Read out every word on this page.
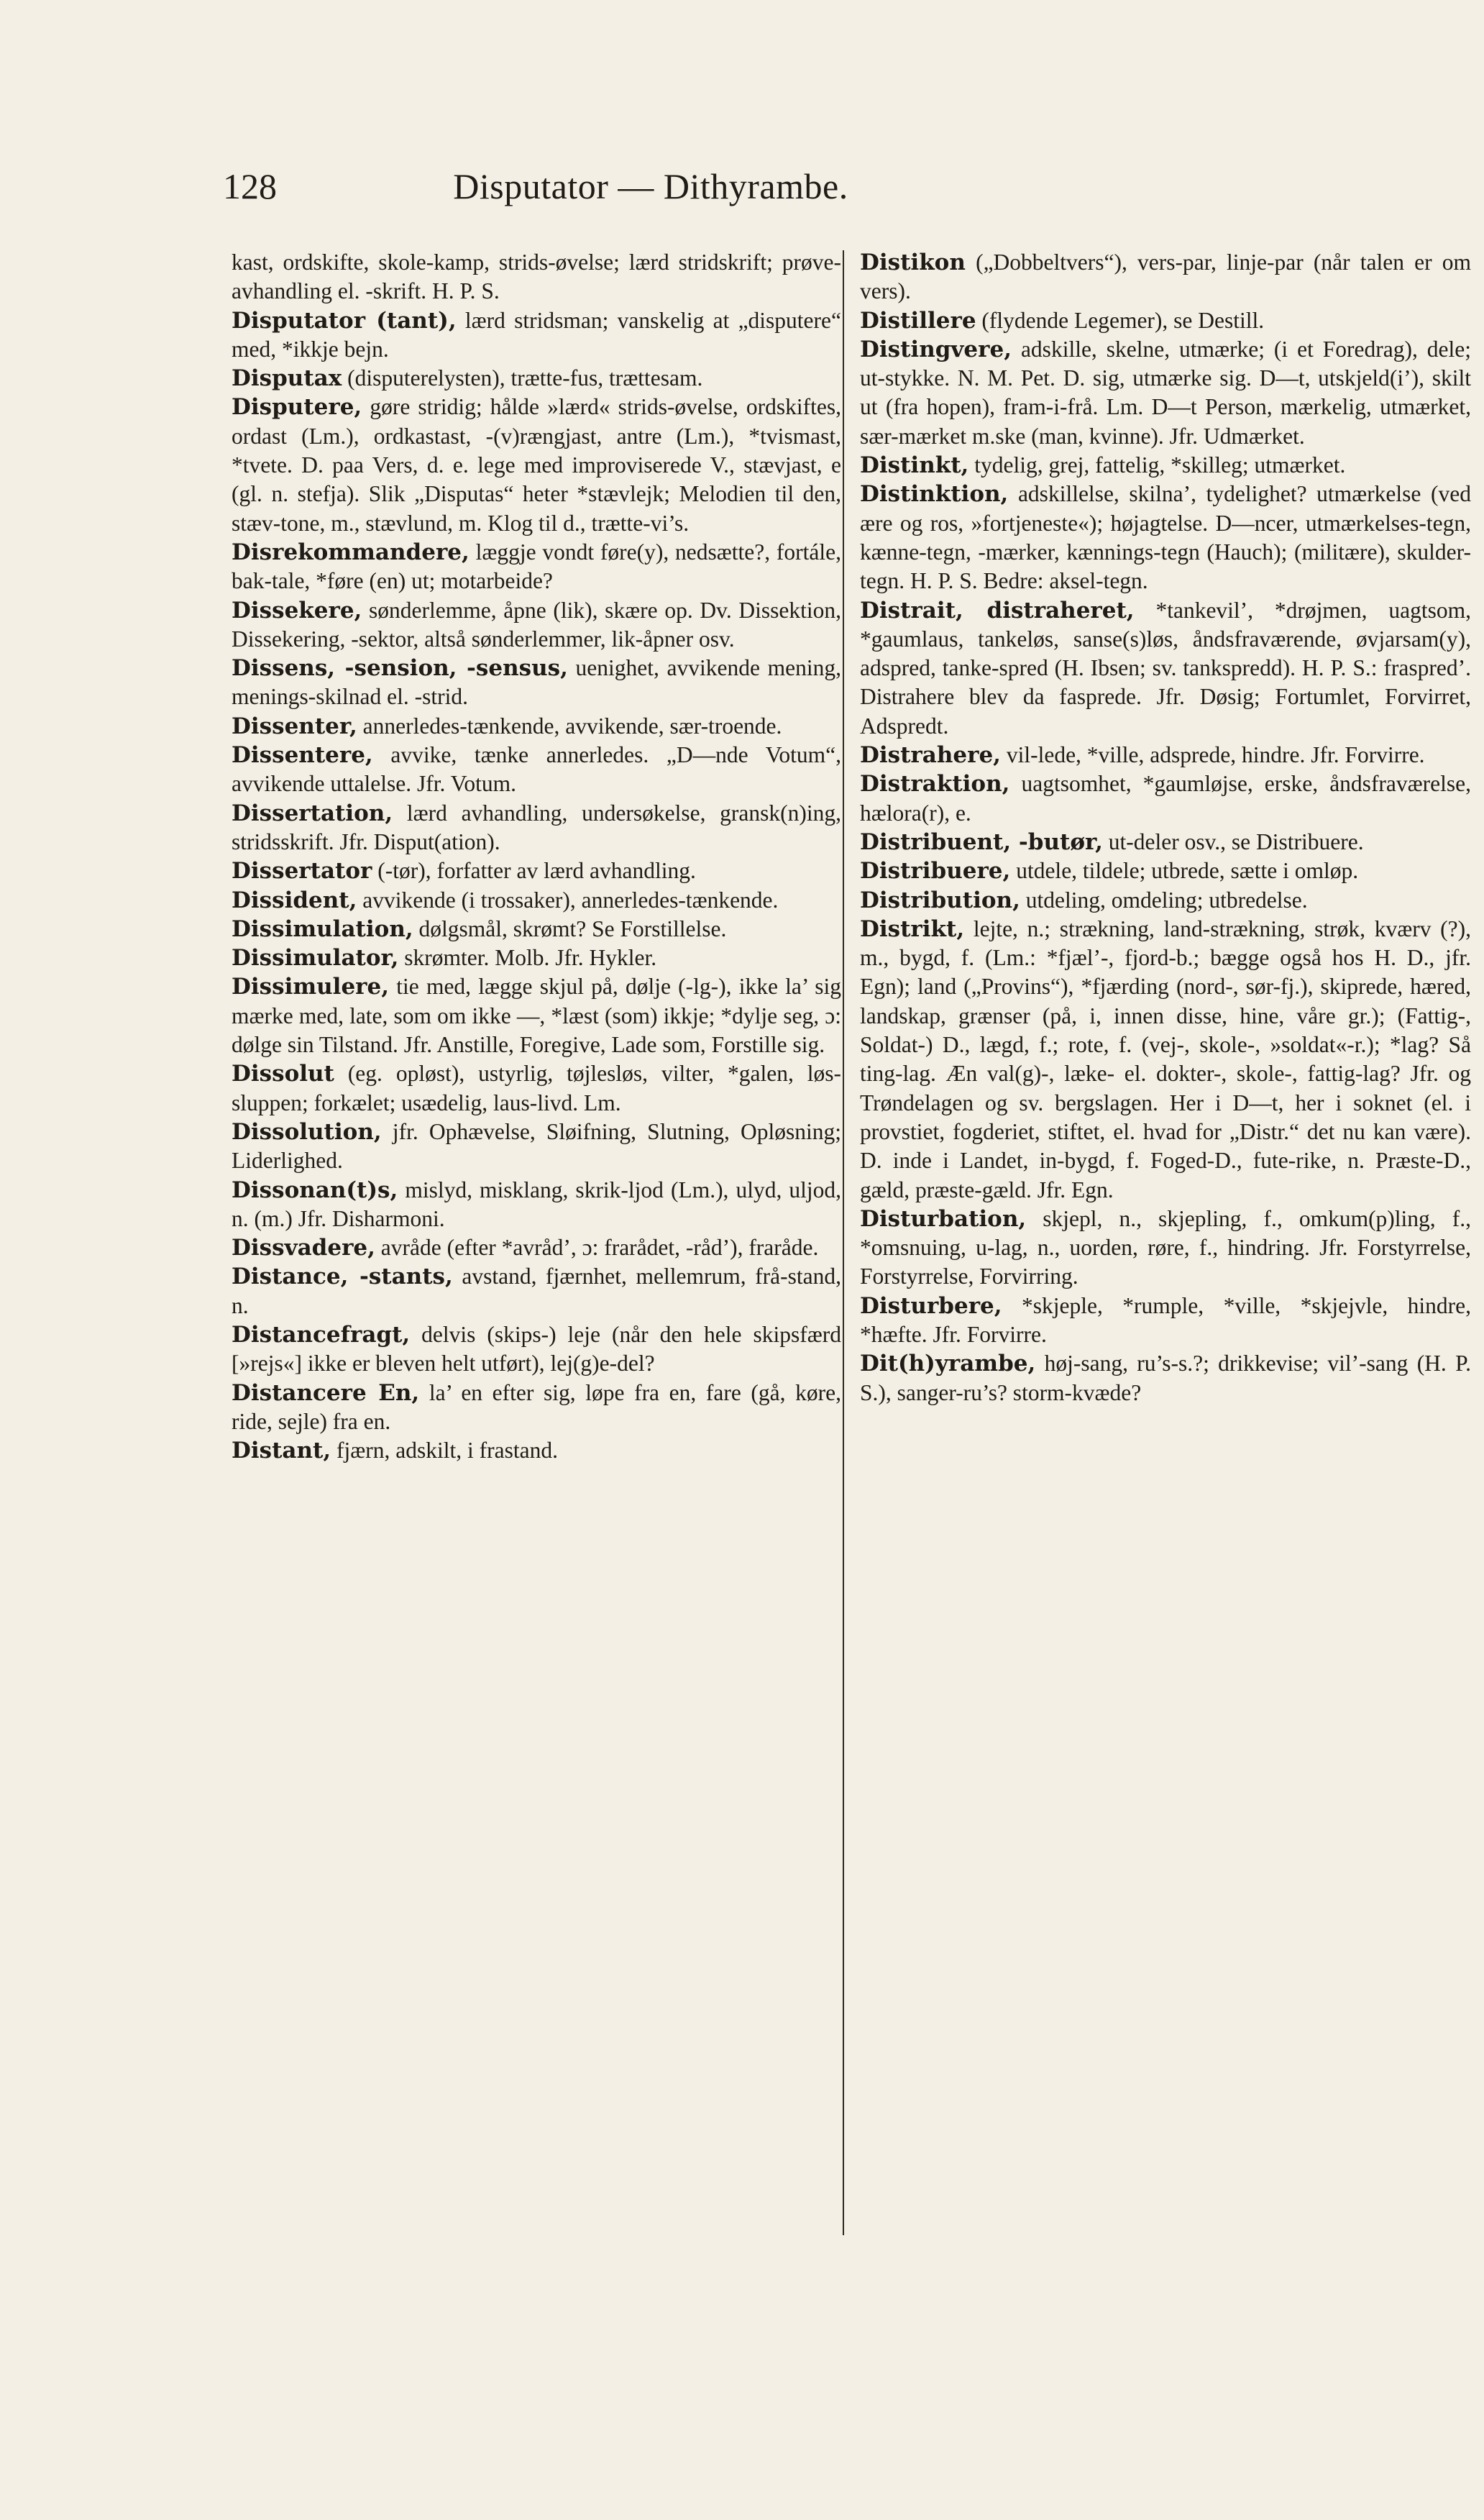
128	Disputator — Dithyrambe.

kast, ordskifte, skole-kamp, strids-øvelse; lærd stridskrift; prøve-avhandling el. -skrift. H. P. S.

Disputator (tant), lærd stridsman; vanskelig at „disputere“ med, *ikkje bejn.

Disputax (disputerelysten), trætte-fus, trættesam.

Disputere, gøre stridig; hålde »lærd« strids-øvelse, ordskiftes, ordast (Lm.), ordkastast, -(v)rængjast, antre (Lm.), *tvismast, *tvete. D. paa Vers, d. e. lege med improviserede V., stævjast, e (gl. n. stefja). Slik „Disputas“ heter *stævlejk; Melodien til den, stæv-tone, m., stævlund, m. Klog til d., trætte-vi’s.

Disrekommandere, læggje vondt føre(y), nedsætte?, fortále, bak-tale, *føre (en) ut; motarbeide?

Dissekere, sønderlemme, åpne (lik), skære op. Dv. Dissektion, Dissekering, -sektor, altså sønderlemmer, lik-åpner osv.

Dissens, -sension, -sensus, uenighet, avvikende mening, menings-skilnad el. -strid.

Dissenter, annerledes-tænkende, avvikende, sær-troende.

Dissentere, avvike, tænke annerledes. „D—nde Votum“, avvikende uttalelse. Jfr. Votum.

Dissertation, lærd avhandling, undersøkelse, gransk(n)ing, stridsskrift. Jfr. Disput(ation).

Dissertator (-tør), forfatter av lærd avhandling.

Dissident, avvikende (i trossaker), annerledes-tænkende.

Dissimulation, dølgsmål, skrømt? Se Forstillelse.

Dissimulator, skrømter. Molb. Jfr. Hykler.

Dissimulere, tie med, lægge skjul på, dølje (-lg-), ikke la’ sig mærke med, late, som om ikke —, *læst (som) ikkje; *dylje seg, ɔ: dølge sin Tilstand. Jfr. Anstille, Foregive, Lade som, Forstille sig.

Dissolut (eg. opløst), ustyrlig, tøjlesløs, vilter, *galen, løs-sluppen; forkælet; usædelig, laus-livd. Lm.

Dissolution, jfr. Ophævelse, Sløifning, Slutning, Opløsning; Liderlighed.

Dissonan(t)s, mislyd, misklang, skrik-ljod (Lm.), ulyd, uljod, n. (m.) Jfr. Disharmoni.

Dissvadere, avråde (efter *avråd’, ɔ: frarådet, -råd’), fraråde.

Distance, -stants, avstand, fjærnhet, mellemrum, frå-stand, n.

Distancefragt, delvis (skips-) leje (når den hele skipsfærd [»rejs«] ikke er bleven helt utført), lej(g)e-del?

Distancere En, la’ en efter sig, løpe fra en, fare (gå, køre, ride, sejle) fra en.

Distant, fjærn, adskilt, i frastand.

Distikon („Dobbeltvers“), vers-par, linje-par (når talen er om vers).

Distillere (flydende Legemer), se Destill.

Distingvere, adskille, skelne, utmærke; (i et Foredrag), dele; ut-stykke. N. M. Pet. D. sig, utmærke sig. D—t, utskjeld(i’), skilt ut (fra hopen), fram-i-frå. Lm. D—t Person, mærkelig, utmærket, sær-mærket m.ske (man, kvinne). Jfr. Udmærket.

Distinkt, tydelig, grej, fattelig, *skilleg; utmærket.

Distinktion, adskillelse, skilna’, tydelighet? utmærkelse (ved ære og ros, »fortjeneste«); højagtelse. D—ncer, utmærkelses-tegn, kænne-tegn, -mærker, kænnings-tegn (Hauch); (militære), skulder-tegn. H. P. S. Bedre: aksel-tegn.

Distrait, distraheret, *tankevil’, *drøjmen, uagtsom, *gaumlaus, tankeløs, sanse(s)løs, åndsfraværende, øvjarsam(y), adspred, tanke-spred (H. Ibsen; sv. tankspredd). H. P. S.: fraspred’. Distrahere blev da fasprede. Jfr. Døsig; Fortumlet, Forvirret, Adspredt.

Distrahere, vil-lede, *ville, adsprede, hindre. Jfr. Forvirre.

Distraktion, uagtsomhet, *gaumløjse, erske, åndsfraværelse, hælora(r), e.

Distribuent, -butør, ut-deler osv., se Distribuere.

Distribuere, utdele, tildele; utbrede, sætte i omløp.

Distribution, utdeling, omdeling; utbredelse.

Distrikt, lejte, n.; strækning, land-strækning, strøk, kværv (?), m., bygd, f. (Lm.: *fjæl’-, fjord-b.; bægge også hos H. D., jfr. Egn); land („Provins“), *fjærding (nord-, sør-fj.), skiprede, hæred, landskap, grænser (på, i, innen disse, hine, våre gr.); (Fattig-, Soldat-) D., lægd, f.; rote, f. (vej-, skole-, »soldat«-r.); *lag? Så ting-lag. Æn val(g)-, læke- el. dokter-, skole-, fattig-lag? Jfr. og Trøndelagen og sv. bergslagen. Her i D—t, her i soknet (el. i provstiet, fogderiet, stiftet, el. hvad for „Distr.“ det nu kan være). D. inde i Landet, in-bygd, f. Foged-D., fute-rike, n. Præste-D., gæld, præste-gæld. Jfr. Egn.

Disturbation, skjepl, n., skjepling, f., omkum(p)ling, f., *omsnuing, u-lag, n., uorden, røre, f., hindring. Jfr. Forstyrrelse, Forstyrrelse, Forvirring.

Disturbere, *skjeple, *rumple, *ville, *skjejvle, hindre, *hæfte. Jfr. Forvirre.

Dit(h)yrambe, høj-sang, ru’s-s.?; drikkevise; vil’-sang (H. P. S.), sanger-ru’s? storm-kvæde?
